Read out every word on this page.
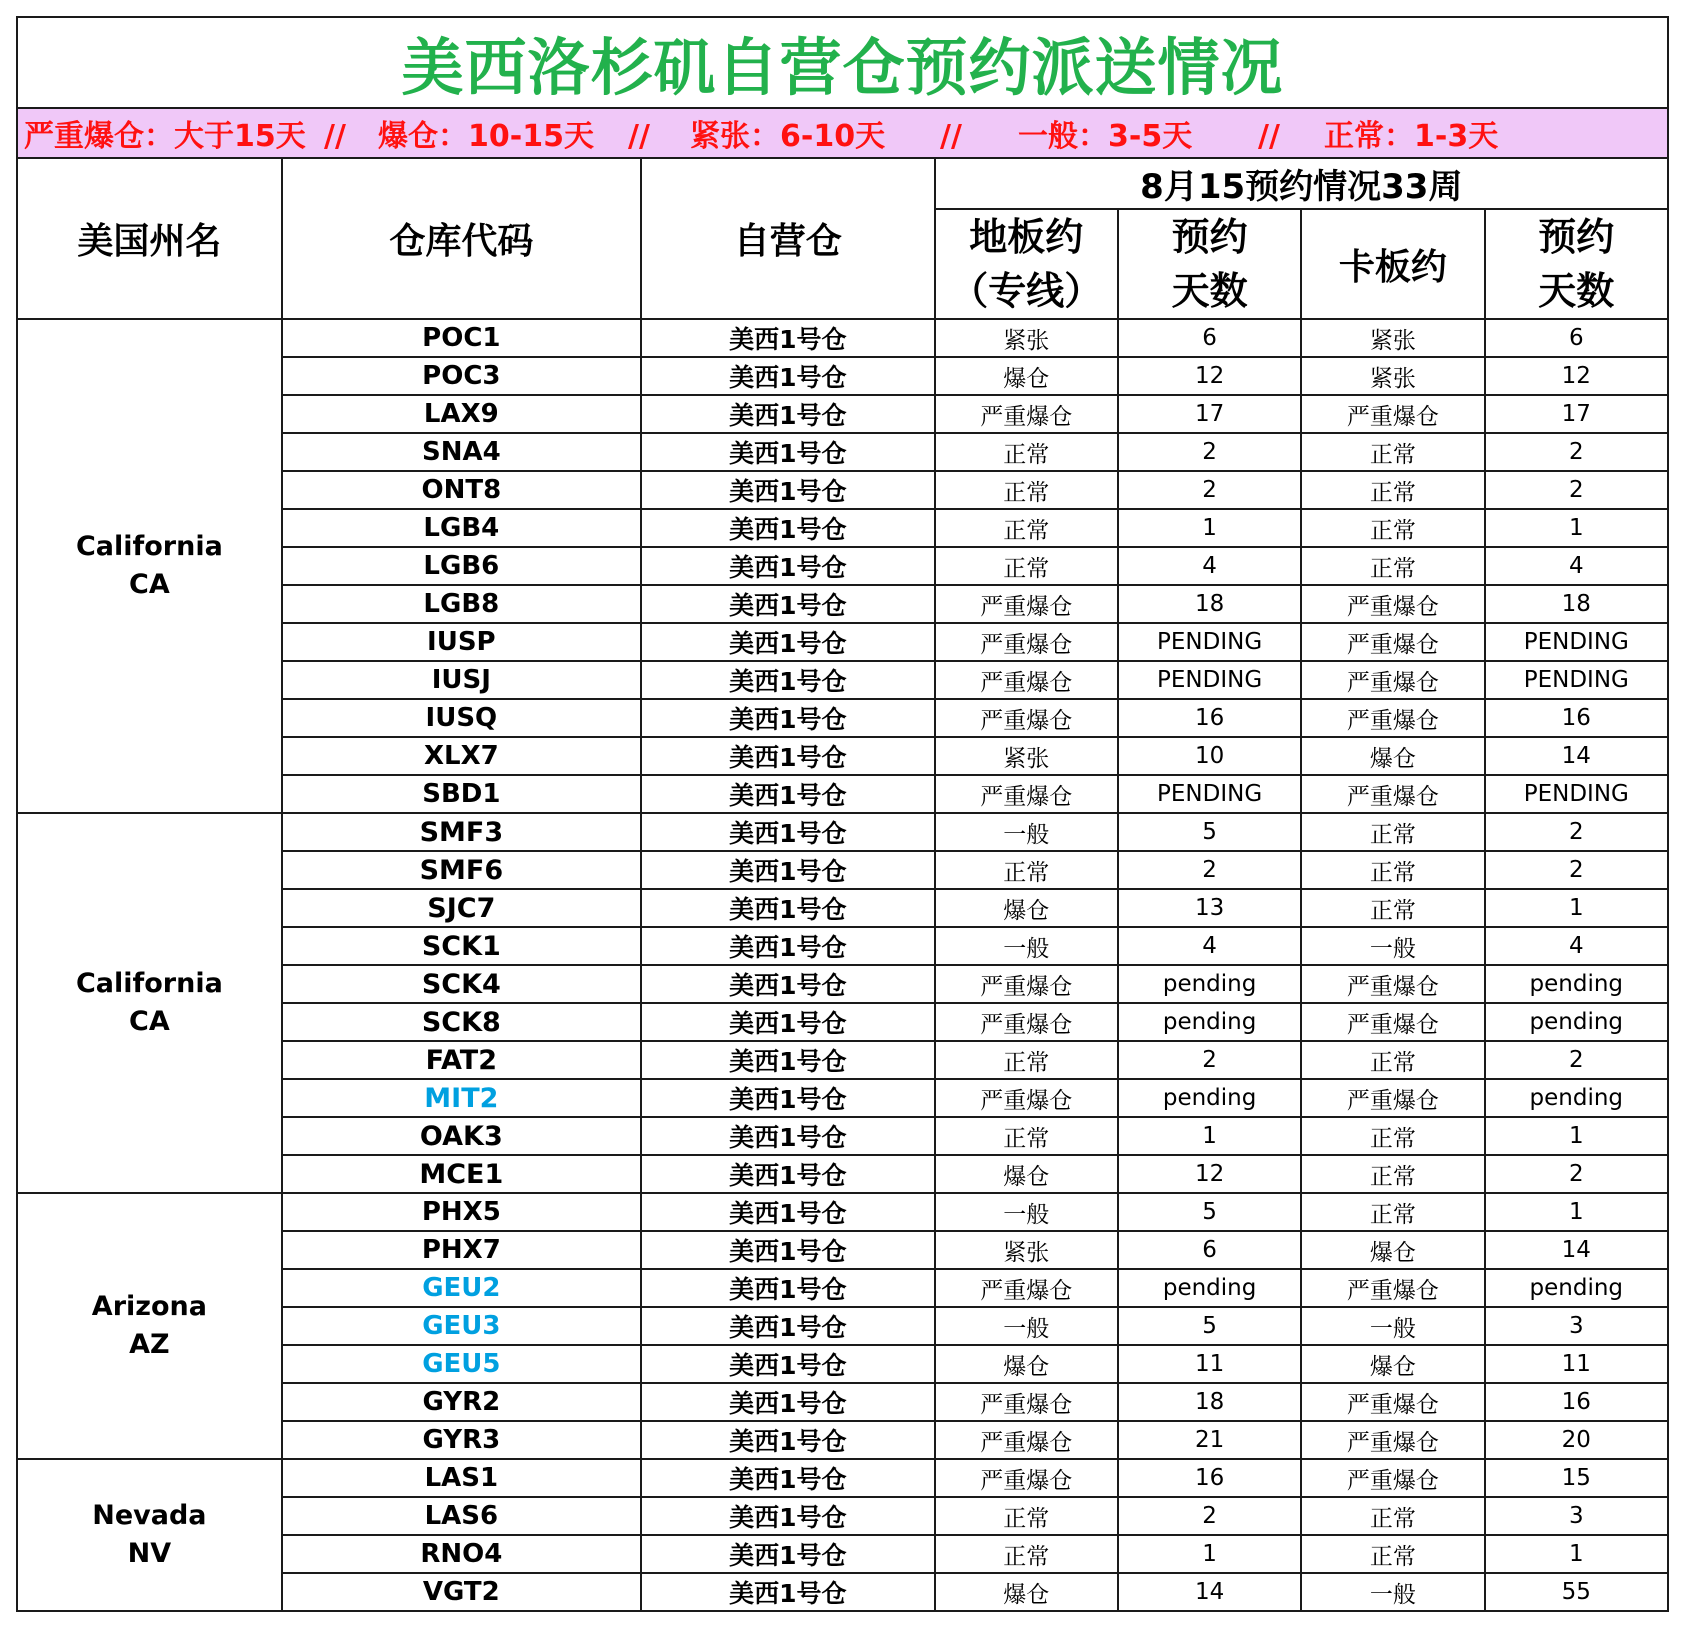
美西洛杉矶自营仓预约派送情况						
严重爆仓：大于15天 // 爆仓：10-15天 // 紧张：6-10天 // 一般：3-5天 // 正常：1-3天						
美国州名	仓库代码	自营仓	8月15预约情况33周			
			地板约（专线）	预约天数	卡板约	预约天数
California
CA	POC1	美西1号仓	紧张	6	紧张	6
	POC3	美西1号仓	爆仓	12	紧张	12
	LAX9	美西1号仓	严重爆仓	17	严重爆仓	17
	SNA4	美西1号仓	正常	2	正常	2
	ONT8	美西1号仓	正常	2	正常	2
	LGB4	美西1号仓	正常	1	正常	1
	LGB6	美西1号仓	正常	4	正常	4
	LGB8	美西1号仓	严重爆仓	18	严重爆仓	18
	IUSP	美西1号仓	严重爆仓	PENDING	严重爆仓	PENDING
	IUSJ	美西1号仓	严重爆仓	PENDING	严重爆仓	PENDING
	IUSQ	美西1号仓	严重爆仓	16	严重爆仓	16
	XLX7	美西1号仓	紧张	10	爆仓	14
	SBD1	美西1号仓	严重爆仓	PENDING	严重爆仓	PENDING
California
CA	SMF3	美西1号仓	一般	5	正常	2
	SMF6	美西1号仓	正常	2	正常	2
	SJC7	美西1号仓	爆仓	13	正常	1
	SCK1	美西1号仓	一般	4	一般	4
	SCK4	美西1号仓	严重爆仓	pending	严重爆仓	pending
	SCK8	美西1号仓	严重爆仓	pending	严重爆仓	pending
	FAT2	美西1号仓	正常	2	正常	2
	MIT2	美西1号仓	严重爆仓	pending	严重爆仓	pending
	OAK3	美西1号仓	正常	1	正常	1
	MCE1	美西1号仓	爆仓	12	正常	2
Arizona
AZ	PHX5	美西1号仓	一般	5	正常	1
	PHX7	美西1号仓	紧张	6	爆仓	14
	GEU2	美西1号仓	严重爆仓	pending	严重爆仓	pending
	GEU3	美西1号仓	一般	5	一般	3
	GEU5	美西1号仓	爆仓	11	爆仓	11
	GYR2	美西1号仓	严重爆仓	18	严重爆仓	16
	GYR3	美西1号仓	严重爆仓	21	严重爆仓	20
Nevada
NV	LAS1	美西1号仓	严重爆仓	16	严重爆仓	15
	LAS6	美西1号仓	正常	2	正常	3
	RNO4	美西1号仓	正常	1	正常	1
	VGT2	美西1号仓	爆仓	14	一般	55
